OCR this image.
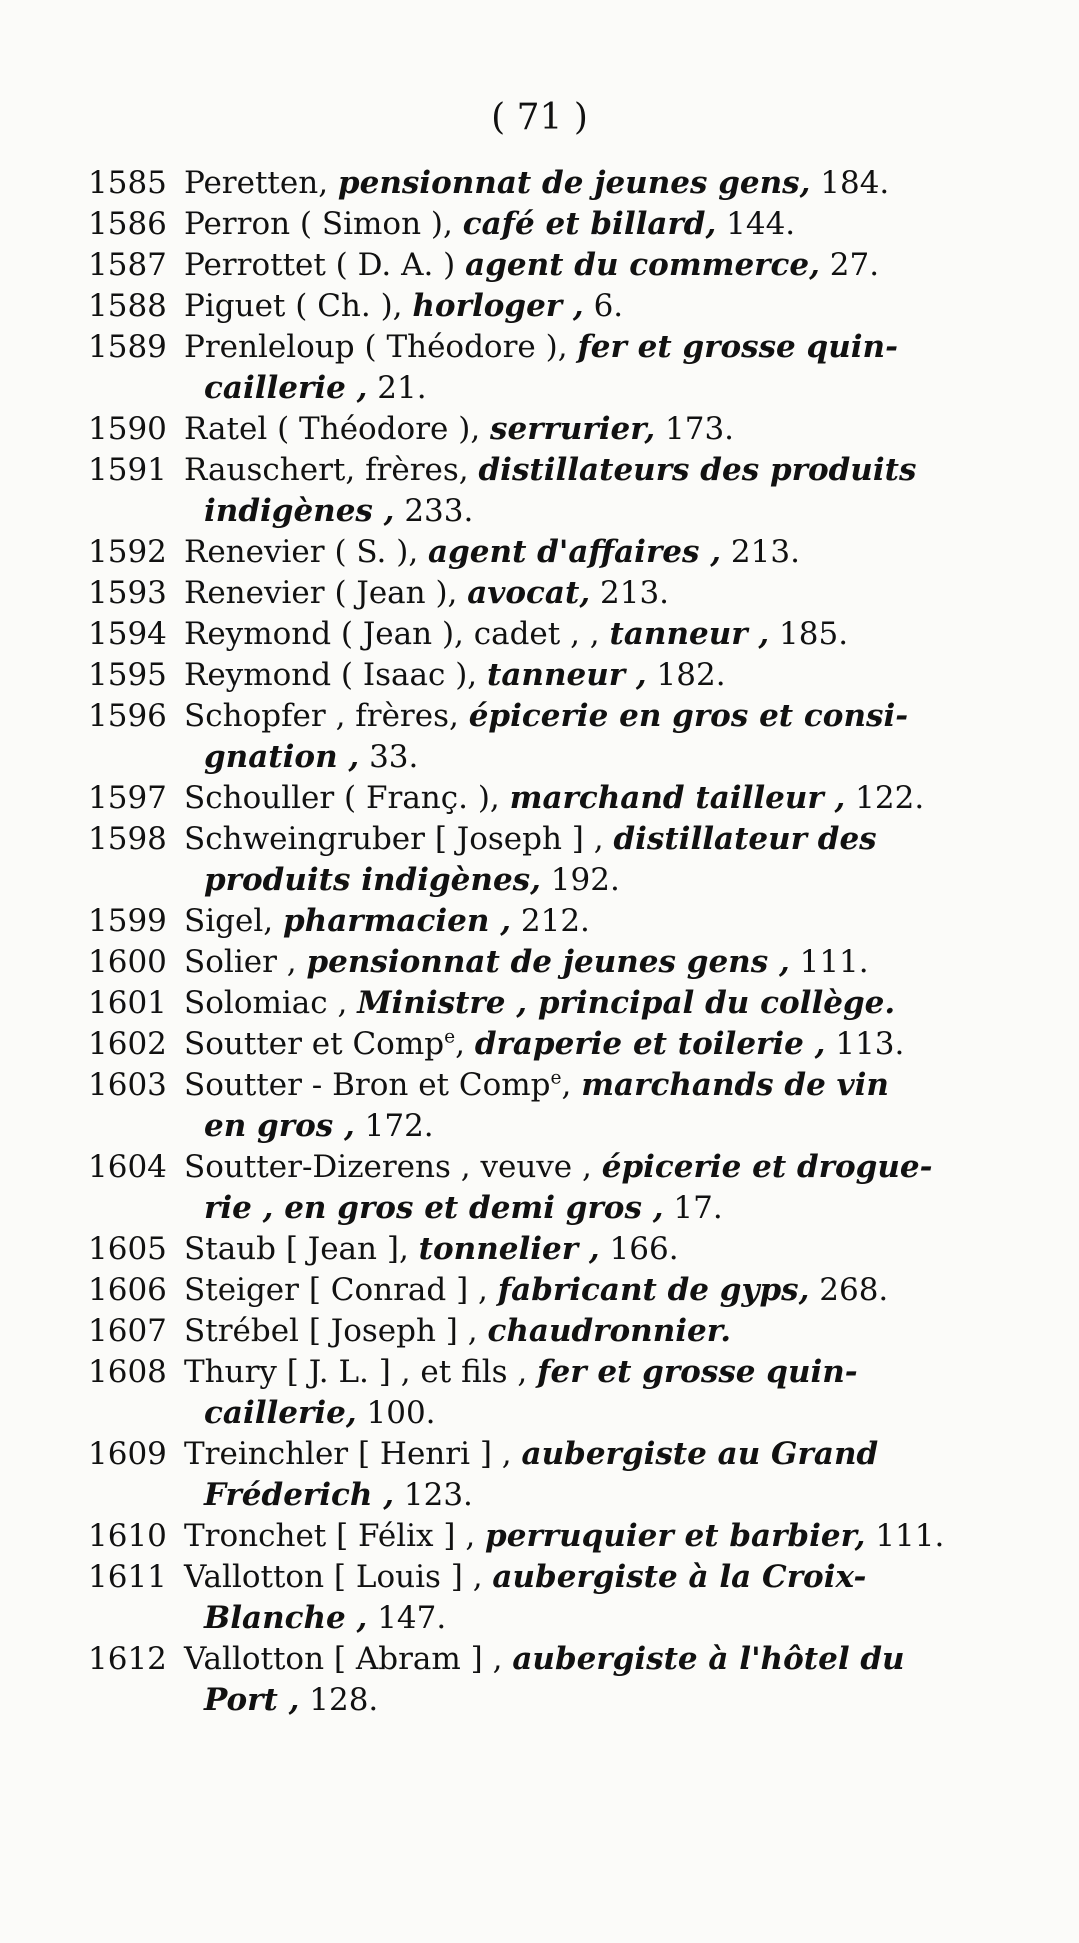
( 71 )
1585 Peretten, pensionnat de jeunes gens, 184.
1586 Perron ( Simon ), café et billard, 144.
1587 Perrottet ( D. A. ) agent du commerce, 27.
1588 Piguet ( Ch. ), horloger , 6.
1589 Prenleloup ( Théodore ), fer et grosse quin-
caillerie , 21.
1590 Ratel ( Théodore ), serrurier, 173.
1591 Rauschert, frères, distillateurs des produits
indigènes , 233.
1592 Renevier ( S. ), agent d'affaires , 213.
1593 Renevier ( Jean ), avocat, 213.
1594 Reymond ( Jean ), cadet , , tanneur , 185.
1595 Reymond ( Isaac ), tanneur , 182.
1596 Schopfer , frères, épicerie en gros et consi-
gnation , 33.
1597 Schouller ( Franç. ), marchand tailleur , 122.
1598 Schweingruber [ Joseph ] , distillateur des
produits indigènes, 192.
1599 Sigel, pharmacien , 212.
1600 Solier , pensionnat de jeunes gens , 111.
1601 Solomiac , Ministre , principal du collège.
1602 Soutter et Comp$^e$, draperie et toilerie , 113.
1603 Soutter - Bron et Comp$^e$, marchands de vin
en gros , 172.
1604 Soutter-Dizerens , veuve , épicerie et drogue-
rie , en gros et demi gros , 17.
1605 Staub [ Jean ], tonnelier , 166.
1606 Steiger [ Conrad ] , fabricant de gyps, 268.
1607 Strébel [ Joseph ] , chaudronnier.
1608 Thury [ J. L. ] , et fils , fer et grosse quin-
caillerie, 100.
1609 Treinchler [ Henri ] , aubergiste au Grand
Fréderich , 123.
1610 Tronchet [ Félix ] , perruquier et barbier, 111.
1611 Vallotton [ Louis ] , aubergiste à la Croix-
Blanche , 147.
1612 Vallotton [ Abram ] , aubergiste à l'hôtel du
Port , 128.
